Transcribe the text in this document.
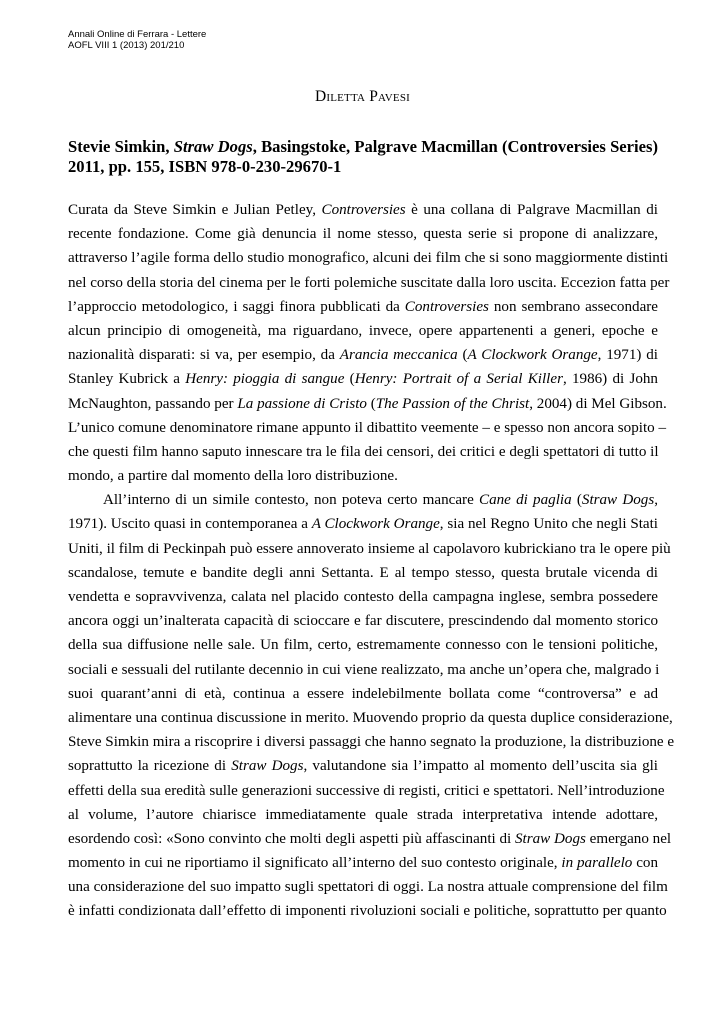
Annali Online di Ferrara - Lettere
AOFL VIII 1 (2013) 201/210
Diletta Pavesi
Stevie Simkin, Straw Dogs, Basingstoke, Palgrave Macmillan (Controversies Series) 2011, pp. 155, ISBN 978-0-230-29670-1
Curata da Steve Simkin e Julian Petley, Controversies è una collana di Palgrave Macmillan di
recente fondazione. Come già denuncia il nome stesso, questa serie si propone di analizzare,
attraverso l’agile forma dello studio monografico, alcuni dei film che si sono maggiormente distinti
nel corso della storia del cinema per le forti polemiche suscitate dalla loro uscita. Eccezion fatta per
l’approccio metodologico, i saggi finora pubblicati da Controversies non sembrano assecondare
alcun principio di omogeneità, ma riguardano, invece, opere appartenenti a generi, epoche e
nazionalità disparati: si va, per esempio, da Arancia meccanica (A Clockwork Orange, 1971) di
Stanley Kubrick a Henry: pioggia di sangue (Henry: Portrait of a Serial Killer, 1986) di John
McNaughton, passando per La passione di Cristo (The Passion of the Christ, 2004) di Mel Gibson.
L’unico comune denominatore rimane appunto il dibattito veemente – e spesso non ancora sopito –
che questi film hanno saputo innescare tra le fila dei censori, dei critici e degli spettatori di tutto il
mondo, a partire dal momento della loro distribuzione.
All’interno di un simile contesto, non poteva certo mancare Cane di paglia (Straw Dogs,
1971). Uscito quasi in contemporanea a A Clockwork Orange, sia nel Regno Unito che negli Stati
Uniti, il film di Peckinpah può essere annoverato insieme al capolavoro kubrickiano tra le opere più
scandalose, temute e bandite degli anni Settanta. E al tempo stesso, questa brutale vicenda di
vendetta e sopravvivenza, calata nel placido contesto della campagna inglese, sembra possedere
ancora oggi un’inalterata capacità di scioccare e far discutere, prescindendo dal momento storico
della sua diffusione nelle sale. Un film, certo, estremamente connesso con le tensioni politiche,
sociali e sessuali del rutilante decennio in cui viene realizzato, ma anche un’opera che, malgrado i
suoi quarant’anni di età, continua a essere indelebilmente bollata come “controversa” e ad
alimentare una continua discussione in merito. Muovendo proprio da questa duplice considerazione,
Steve Simkin mira a riscoprire i diversi passaggi che hanno segnato la produzione, la distribuzione e
soprattutto la ricezione di Straw Dogs, valutandone sia l’impatto al momento dell’uscita sia gli
effetti della sua eredità sulle generazioni successive di registi, critici e spettatori. Nell’introduzione
al volume, l’autore chiarisce immediatamente quale strada interpretativa intende adottare,
esordendo così: «Sono convinto che molti degli aspetti più affascinanti di Straw Dogs emergano nel
momento in cui ne riportiamo il significato all’interno del suo contesto originale, in parallelo con
una considerazione del suo impatto sugli spettatori di oggi. La nostra attuale comprensione del film
è infatti condizionata dall’effetto di imponenti rivoluzioni sociali e politiche, soprattutto per quanto
